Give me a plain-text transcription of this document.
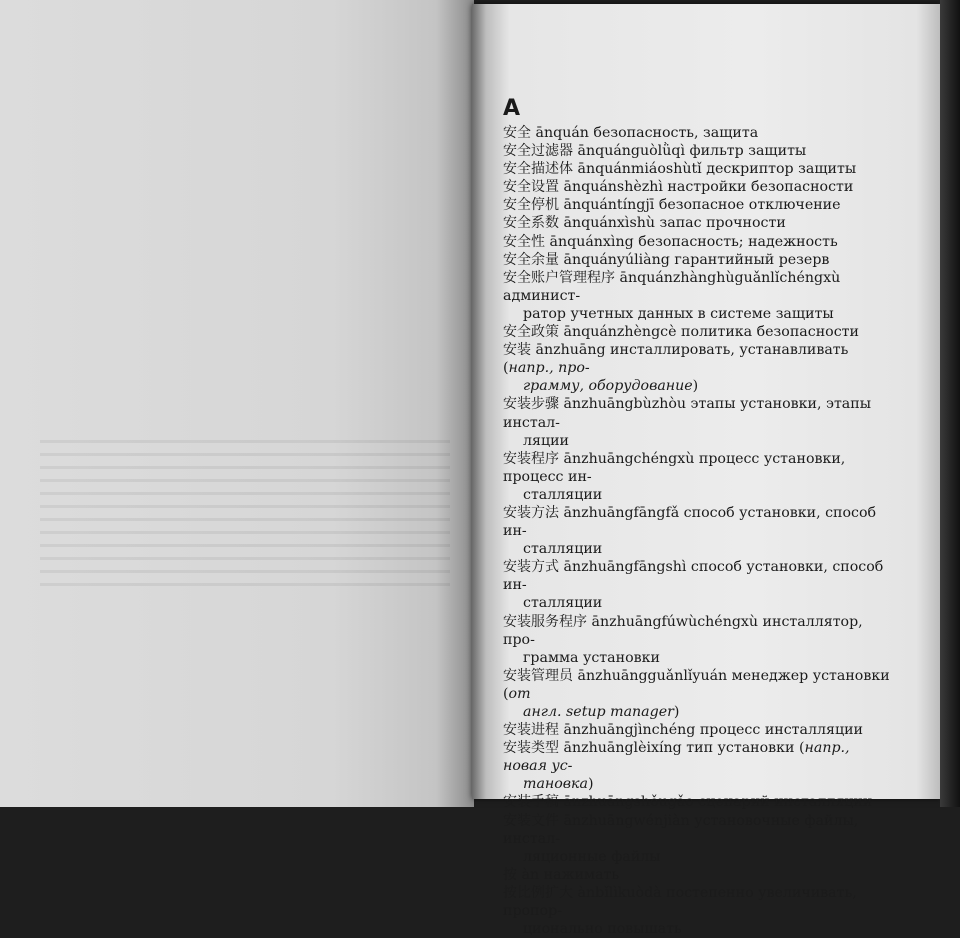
A
安全 ānquán безопасность, защита
安全过滤器 ānquánguòlǜqì фильтр защиты
安全描述体 ānquánmiáoshùtǐ дескриптор защиты
安全设置 ānquánshèzhì настройки безопасности
安全停机 ānquántíngjī безопасное отключение
安全系数 ānquánxìshù запас прочности
安全性 ānquánxìng безопасность; надежность
安全余量 ānquányúliàng гарантийный резерв
安全账户管理程序 ānquánzhànghùguǎnlǐchéngxù админист-
ратор учетных данных в системе защиты
安全政策 ānquánzhèngcè политика безопасности
安装 ānzhuāng инсталлировать, устанавливать (напр., про-
грамму, оборудование)
安装步骤 ānzhuāngbùzhòu этапы установки, этапы инстал-
ляции
安装程序 ānzhuāngchéngxù процесс установки, процесс ин-
сталляции
安装方法 ānzhuāngfāngfǎ способ установки, способ ин-
сталляции
安装方式 ānzhuāngfāngshì способ установки, способ ин-
сталляции
安装服务程序 ānzhuāngfúwùchéngxù инсталлятор, про-
грамма установки
安装管理员 ānzhuāngguǎnlǐyuán менеджер установки (от
англ. setup manager)
安装进程 ānzhuāngjìnchéng процесс инсталляции
安装类型 ānzhuānglèixíng тип установки (напр., новая ус-
тановка)
安装手稿 ānzhuāngshǒugǎo сценарий инсталляции
安装文件 ānzhuāngwénjiàn установочные файлы, инстал-
ляционные файлы
按 àn нажимать
按比例扩大 ànbǐlìkuòdà постепенно увеличивать, пропор-
ционально повышать
